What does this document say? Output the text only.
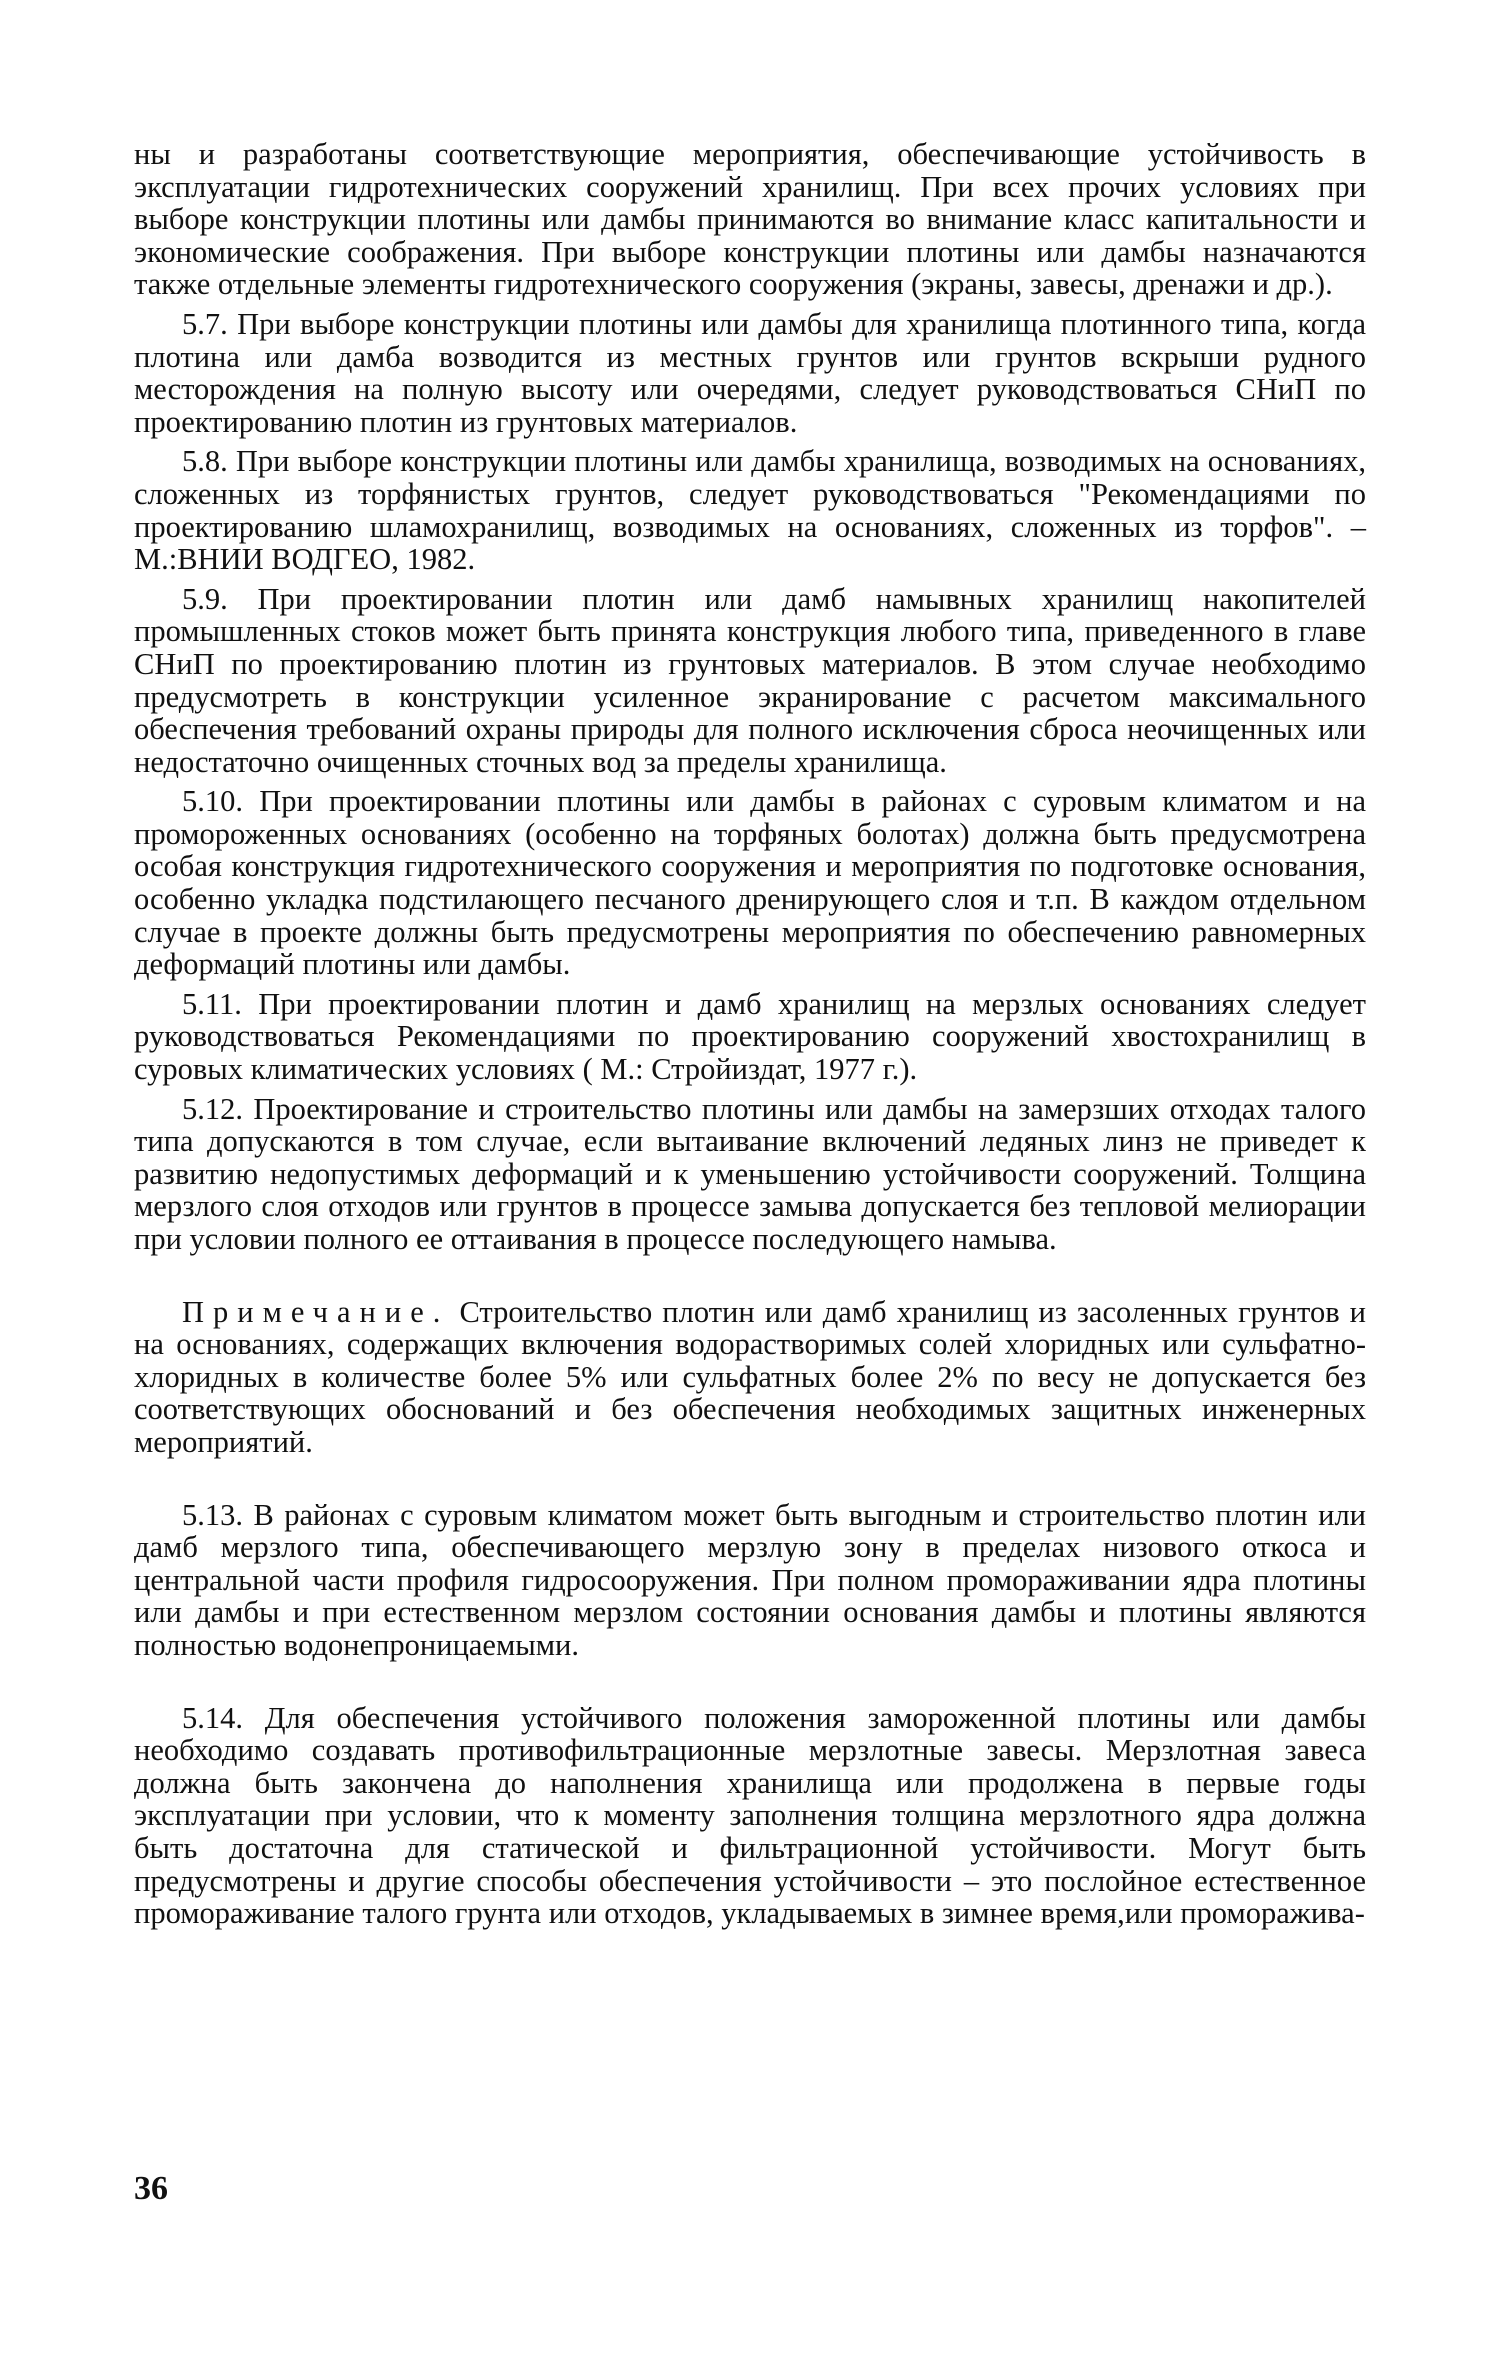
ны и разработаны соответствующие мероприятия, обеспечивающие устойчивость в эксплуатации гидротехнических сооружений хранилищ. При всех прочих условиях при выборе конструкции плотины или дамбы принимаются во внимание класс капитальности и экономические соображения. При выборе конструкции плотины или дамбы назначаются также отдельные элементы гидротехнического сооружения (экраны, завесы, дренажи и др.).

5.7. При выборе конструкции плотины или дамбы для хранилища плотинного типа, когда плотина или дамба возводится из местных грунтов или грунтов вскрыши рудного месторождения на полную высоту или очередями, следует руководствоваться СНиП по проектированию плотин из грунтовых материалов.

5.8. При выборе конструкции плотины или дамбы хранилища, возводимых на основаниях, сложенных из торфянистых грунтов, следует руководствоваться "Рекомендациями по проектированию шламохранилищ, возводимых на основаниях, сложенных из торфов". – М.:ВНИИ ВОДГЕО, 1982.

5.9. При проектировании плотин или дамб намывных хранилищ накопителей промышленных стоков может быть принята конструкция любого типа, приведенного в главе СНиП по проектированию плотин из грунтовых материалов. В этом случае необходимо предусмотреть в конструкции усиленное экранирование с расчетом максимального обеспечения требований охраны природы для полного исключения сброса неочищенных или недостаточно очищенных сточных вод за пределы хранилища.

5.10. При проектировании плотины или дамбы в районах с суровым климатом и на промороженных основаниях (особенно на торфяных болотах) должна быть предусмотрена особая конструкция гидротехнического сооружения и мероприятия по подготовке основания, особенно укладка подстилающего песчаного дренирующего слоя и т.п. В каждом отдельном случае в проекте должны быть предусмотрены мероприятия по обеспечению равномерных деформаций плотины или дамбы.

5.11. При проектировании плотин и дамб хранилищ на мерзлых основаниях следует руководствоваться Рекомендациями по проектированию сооружений хвостохранилищ в суровых климатических условиях ( М.: Стройиздат, 1977 г.).

5.12. Проектирование и строительство плотины или дамбы на замерзших отходах талого типа допускаются в том случае, если вытаивание включений ледяных линз не приведет к развитию недопустимых деформаций и к уменьшению устойчивости сооружений. Толщина мерзлого слоя отходов или грунтов в процессе замыва допускается без тепловой мелиорации при условии полного ее оттаивания в процессе последующего намыва.

Примечание. Строительство плотин или дамб хранилищ из засоленных грунтов и на основаниях, содержащих включения водорастворимых солей хлоридных или сульфатно-хлоридных в количестве более 5% или сульфатных более 2% по весу не допускается без соответствующих обоснований и без обеспечения необходимых защитных инженерных мероприятий.

5.13. В районах с суровым климатом может быть выгодным и строительство плотин или дамб мерзлого типа, обеспечивающего мерзлую зону в пределах низового откоса и центральной части профиля гидросооружения. При полном промораживании ядра плотины или дамбы и при естественном мерзлом состоянии основания дамбы и плотины являются полностью водонепроницаемыми.

5.14. Для обеспечения устойчивого положения замороженной плотины или дамбы необходимо создавать противофильтрационные мерзлотные завесы. Мерзлотная завеса должна быть закончена до наполнения хранилища или продолжена в первые годы эксплуатации при условии, что к моменту заполнения толщина мерзлотного ядра должна быть достаточна для статической и фильтрационной устойчивости. Могут быть предусмотрены и другие способы обеспечения устойчивости – это послойное естественное промораживание талого грунта или отходов, укладываемых в зимнее время,или проморажива-

36
